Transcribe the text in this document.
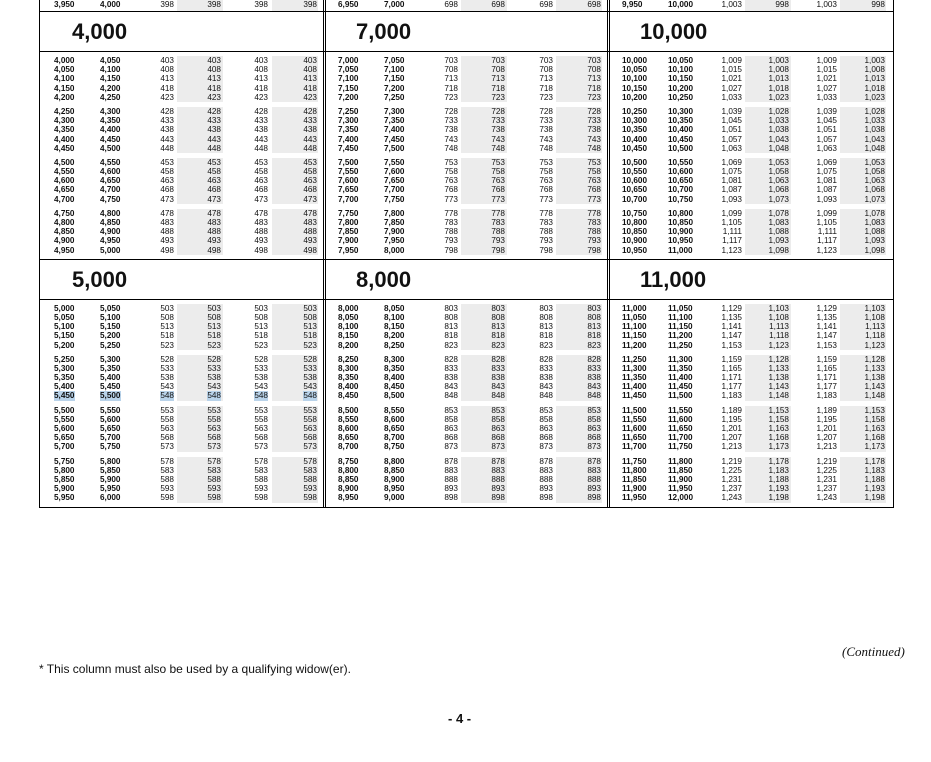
3,950	4,000	398	398	398	398
4,000
4,000	4,050	403	403	403	403
4,050	4,100	408	408	408	408
4,100	4,150	413	413	413	413
4,150	4,200	418	418	418	418
4,200	4,250	423	423	423	423
4,250	4,300	428	428	428	428
4,300	4,350	433	433	433	433
4,350	4,400	438	438	438	438
4,400	4,450	443	443	443	443
4,450	4,500	448	448	448	448
4,500	4,550	453	453	453	453
4,550	4,600	458	458	458	458
4,600	4,650	463	463	463	463
4,650	4,700	468	468	468	468
4,700	4,750	473	473	473	473
4,750	4,800	478	478	478	478
4,800	4,850	483	483	483	483
4,850	4,900	488	488	488	488
4,900	4,950	493	493	493	493
4,950	5,000	498	498	498	498
5,000
5,000	5,050	503	503	503	503
5,050	5,100	508	508	508	508
5,100	5,150	513	513	513	513
5,150	5,200	518	518	518	518
5,200	5,250	523	523	523	523
5,250	5,300	528	528	528	528
5,300	5,350	533	533	533	533
5,350	5,400	538	538	538	538
5,400	5,450	543	543	543	543
5,450	5,500	548	548	548	548
5,500	5,550	553	553	553	553
5,550	5,600	558	558	558	558
5,600	5,650	563	563	563	563
5,650	5,700	568	568	568	568
5,700	5,750	573	573	573	573
5,750	5,800	578	578	578	578
5,800	5,850	583	583	583	583
5,850	5,900	588	588	588	588
5,900	5,950	593	593	593	593
5,950	6,000	598	598	598	598
6,950	7,000	698	698	698	698
7,000
7,000	7,050	703	703	703	703
7,050	7,100	708	708	708	708
7,100	7,150	713	713	713	713
7,150	7,200	718	718	718	718
7,200	7,250	723	723	723	723
7,250	7,300	728	728	728	728
7,300	7,350	733	733	733	733
7,350	7,400	738	738	738	738
7,400	7,450	743	743	743	743
7,450	7,500	748	748	748	748
7,500	7,550	753	753	753	753
7,550	7,600	758	758	758	758
7,600	7,650	763	763	763	763
7,650	7,700	768	768	768	768
7,700	7,750	773	773	773	773
7,750	7,800	778	778	778	778
7,800	7,850	783	783	783	783
7,850	7,900	788	788	788	788
7,900	7,950	793	793	793	793
7,950	8,000	798	798	798	798
8,000
8,000	8,050	803	803	803	803
8,050	8,100	808	808	808	808
8,100	8,150	813	813	813	813
8,150	8,200	818	818	818	818
8,200	8,250	823	823	823	823
8,250	8,300	828	828	828	828
8,300	8,350	833	833	833	833
8,350	8,400	838	838	838	838
8,400	8,450	843	843	843	843
8,450	8,500	848	848	848	848
8,500	8,550	853	853	853	853
8,550	8,600	858	858	858	858
8,600	8,650	863	863	863	863
8,650	8,700	868	868	868	868
8,700	8,750	873	873	873	873
8,750	8,800	878	878	878	878
8,800	8,850	883	883	883	883
8,850	8,900	888	888	888	888
8,900	8,950	893	893	893	893
8,950	9,000	898	898	898	898
9,950	10,000	1,003	998	1,003	998
10,000
10,000	10,050	1,009	1,003	1,009	1,003
10,050	10,100	1,015	1,008	1,015	1,008
10,100	10,150	1,021	1,013	1,021	1,013
10,150	10,200	1,027	1,018	1,027	1,018
10,200	10,250	1,033	1,023	1,033	1,023
10,250	10,300	1,039	1,028	1,039	1,028
10,300	10,350	1,045	1,033	1,045	1,033
10,350	10,400	1,051	1,038	1,051	1,038
10,400	10,450	1,057	1,043	1,057	1,043
10,450	10,500	1,063	1,048	1,063	1,048
10,500	10,550	1,069	1,053	1,069	1,053
10,550	10,600	1,075	1,058	1,075	1,058
10,600	10,650	1,081	1,063	1,081	1,063
10,650	10,700	1,087	1,068	1,087	1,068
10,700	10,750	1,093	1,073	1,093	1,073
10,750	10,800	1,099	1,078	1,099	1,078
10,800	10,850	1,105	1,083	1,105	1,083
10,850	10,900	1,111	1,088	1,111	1,088
10,900	10,950	1,117	1,093	1,117	1,093
10,950	11,000	1,123	1,098	1,123	1,098
11,000
11,000	11,050	1,129	1,103	1,129	1,103
11,050	11,100	1,135	1,108	1,135	1,108
11,100	11,150	1,141	1,113	1,141	1,113
11,150	11,200	1,147	1,118	1,147	1,118
11,200	11,250	1,153	1,123	1,153	1,123
11,250	11,300	1,159	1,128	1,159	1,128
11,300	11,350	1,165	1,133	1,165	1,133
11,350	11,400	1,171	1,138	1,171	1,138
11,400	11,450	1,177	1,143	1,177	1,143
11,450	11,500	1,183	1,148	1,183	1,148
11,500	11,550	1,189	1,153	1,189	1,153
11,550	11,600	1,195	1,158	1,195	1,158
11,600	11,650	1,201	1,163	1,201	1,163
11,650	11,700	1,207	1,168	1,207	1,168
11,700	11,750	1,213	1,173	1,213	1,173
11,750	11,800	1,219	1,178	1,219	1,178
11,800	11,850	1,225	1,183	1,225	1,183
11,850	11,900	1,231	1,188	1,231	1,188
11,900	11,950	1,237	1,193	1,237	1,193
11,950	12,000	1,243	1,198	1,243	1,198
(Continued)
* This column must also be used by a qualifying widow(er).
- 4 -
